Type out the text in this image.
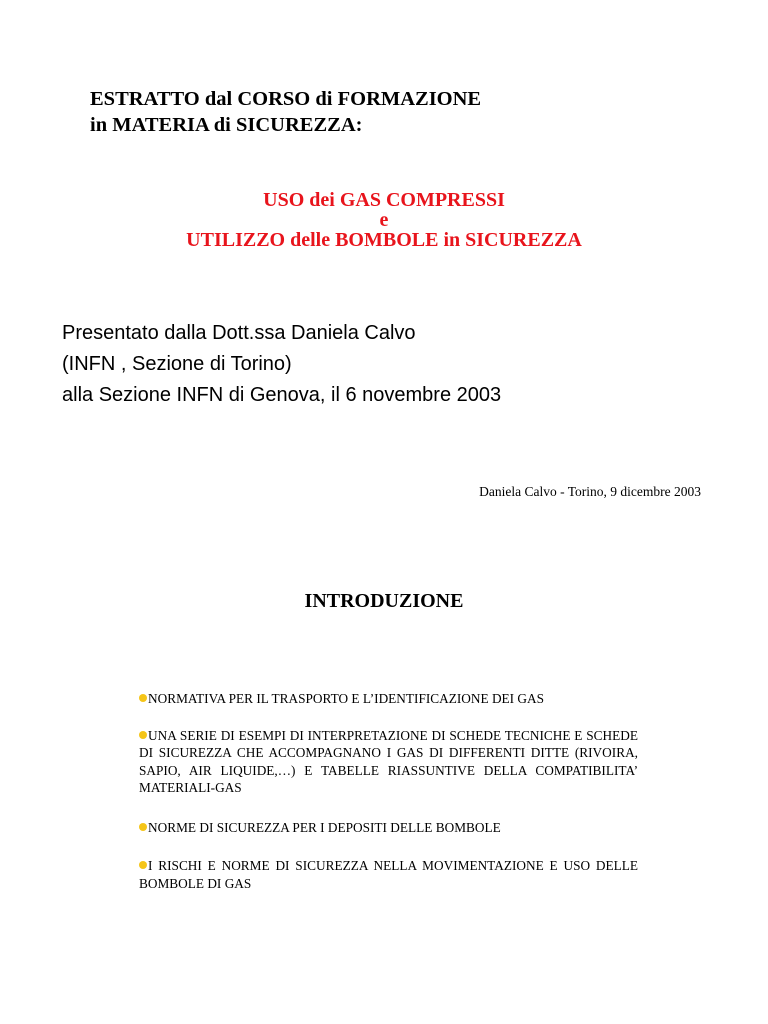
ESTRATTO dal CORSO di FORMAZIONE
in MATERIA di SICUREZZA:
USO dei GAS COMPRESSI
e
UTILIZZO delle BOMBOLE in SICUREZZA
Presentato dalla Dott.ssa Daniela Calvo
(INFN , Sezione di Torino)
alla Sezione INFN di Genova, il 6 novembre 2003
Daniela Calvo - Torino, 9 dicembre 2003
INTRODUZIONE
NORMATIVA PER IL TRASPORTO E L’IDENTIFICAZIONE DEI GAS
UNA SERIE DI ESEMPI DI INTERPRETAZIONE DI SCHEDE TECNICHE E SCHEDE DI SICUREZZA CHE ACCOMPAGNANO I GAS DI DIFFERENTI DITTE (RIVOIRA, SAPIO, AIR LIQUIDE,…) E TABELLE RIASSUNTIVE DELLA COMPATIBILITA’ MATERIALI-GAS
NORME DI SICUREZZA PER I DEPOSITI DELLE BOMBOLE
I RISCHI E NORME DI SICUREZZA NELLA MOVIMENTAZIONE E USO DELLE BOMBOLE DI GAS
